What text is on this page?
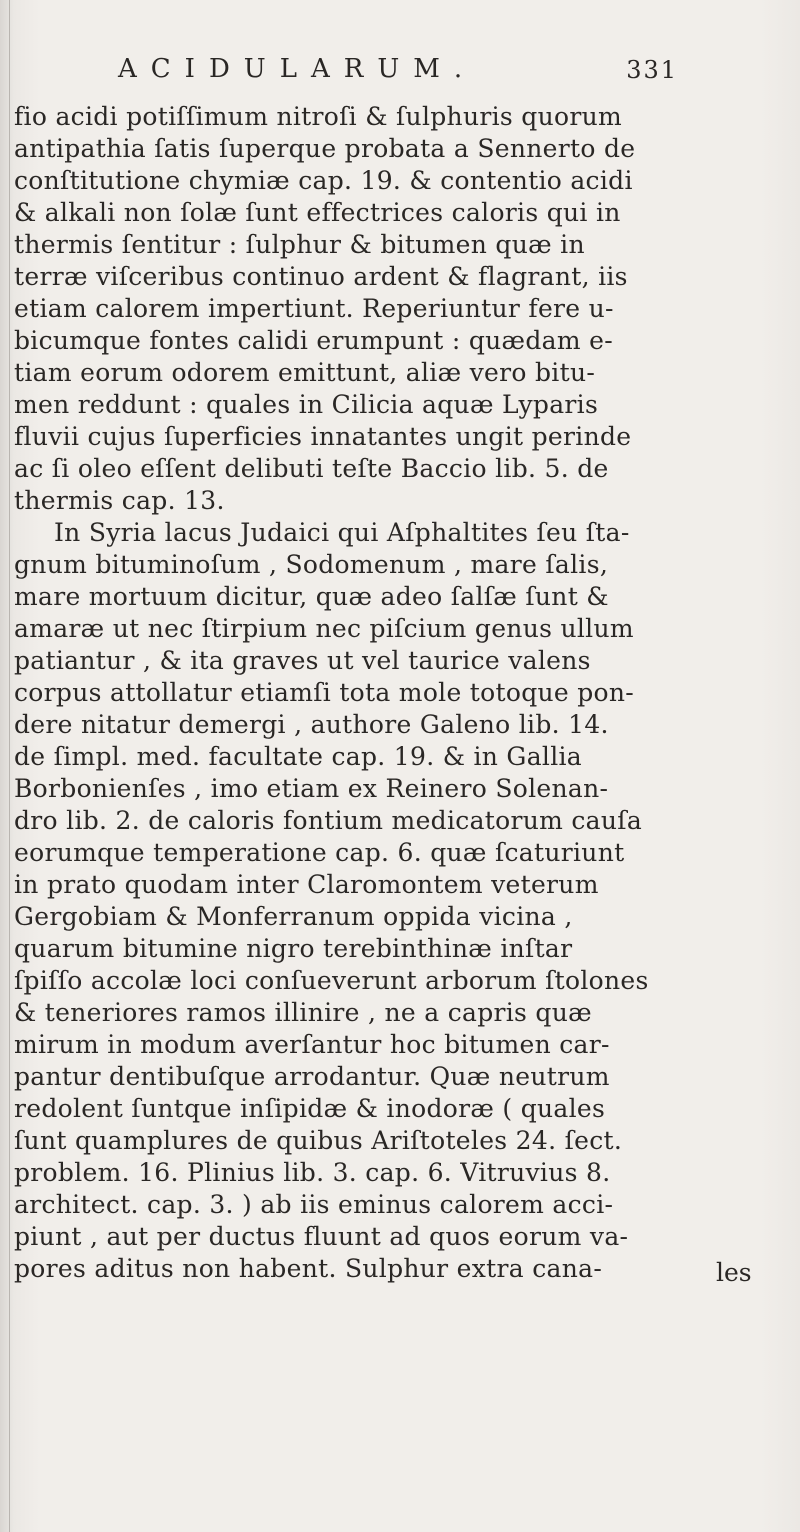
ACIDULARUM.	331
fio acidi potiſſimum nitroſi & ſulphuris quorum
antipathia ſatis ſuperque probata a Sennerto de
conſtitutione chymiæ cap. 19. & contentio acidi
& alkali non ſolæ ſunt effectrices caloris qui in
thermis ſentitur : ſulphur & bitumen quæ in
terræ viſceribus continuo ardent & flagrant, iis
etiam calorem impertiunt. Reperiuntur fere u-
bicumque fontes calidi erumpunt : quædam e-
tiam eorum odorem emittunt, aliæ vero bitu-
men reddunt : quales in Cilicia aquæ Lyparis
fluvii cujus ſuperficies innatantes ungit perinde
ac ſi oleo eſſent delibuti teſte Baccio lib. 5. de
thermis cap. 13.
In Syria lacus Judaici qui Aſphaltites ſeu ſta-
gnum bituminoſum , Sodomenum , mare ſalis,
mare mortuum dicitur, quæ adeo ſalſæ ſunt &
amaræ ut nec ſtirpium nec piſcium genus ullum
patiantur , & ita graves ut vel taurice valens
corpus attollatur etiamſi tota mole totoque pon-
dere nitatur demergi , authore Galeno lib. 14.
de ſimpl. med. facultate cap. 19. & in Gallia
Borbonienſes , imo etiam ex Reinero Solenan-
dro lib. 2. de caloris fontium medicatorum cauſa
eorumque temperatione cap. 6. quæ ſcaturiunt
in prato quodam inter Claromontem veterum
Gergobiam & Monferranum oppida vicina ,
quarum bitumine nigro terebinthinæ inſtar
ſpiſſo accolæ loci conſueverunt arborum ſtolones
& teneriores ramos illinire , ne a capris quæ
mirum in modum averſantur hoc bitumen car-
pantur dentibuſque arrodantur. Quæ neutrum
redolent ſuntque inſipidæ & inodoræ ( quales
ſunt quamplures de quibus Ariſtoteles 24. ſect.
problem. 16. Plinius lib. 3. cap. 6. Vitruvius 8.
architect. cap. 3. ) ab iis eminus calorem acci-
piunt , aut per ductus fluunt ad quos eorum va-
pores aditus non habent. Sulphur extra cana-	les
